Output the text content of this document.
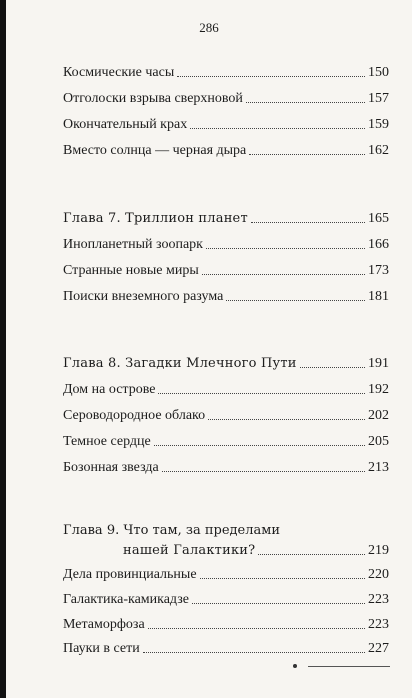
286
Космические часы	150
Отголоски взрыва сверхновой	157
Окончательный крах	159
Вместо солнца — черная дыра	162
Глава 7. Триллион планет	165
Инопланетный зоопарк	166
Странные новые миры	173
Поиски внеземного разума	181
Глава 8. Загадки Млечного Пути	191
Дом на острове	192
Сероводородное облако	202
Темное сердце	205
Бозонная звезда	213
Глава 9. Что там, за пределами
нашей Галактики?	219
Дела провинциальные	220
Галактика-камикадзе	223
Метаморфоза	223
Пауки в сети	227
